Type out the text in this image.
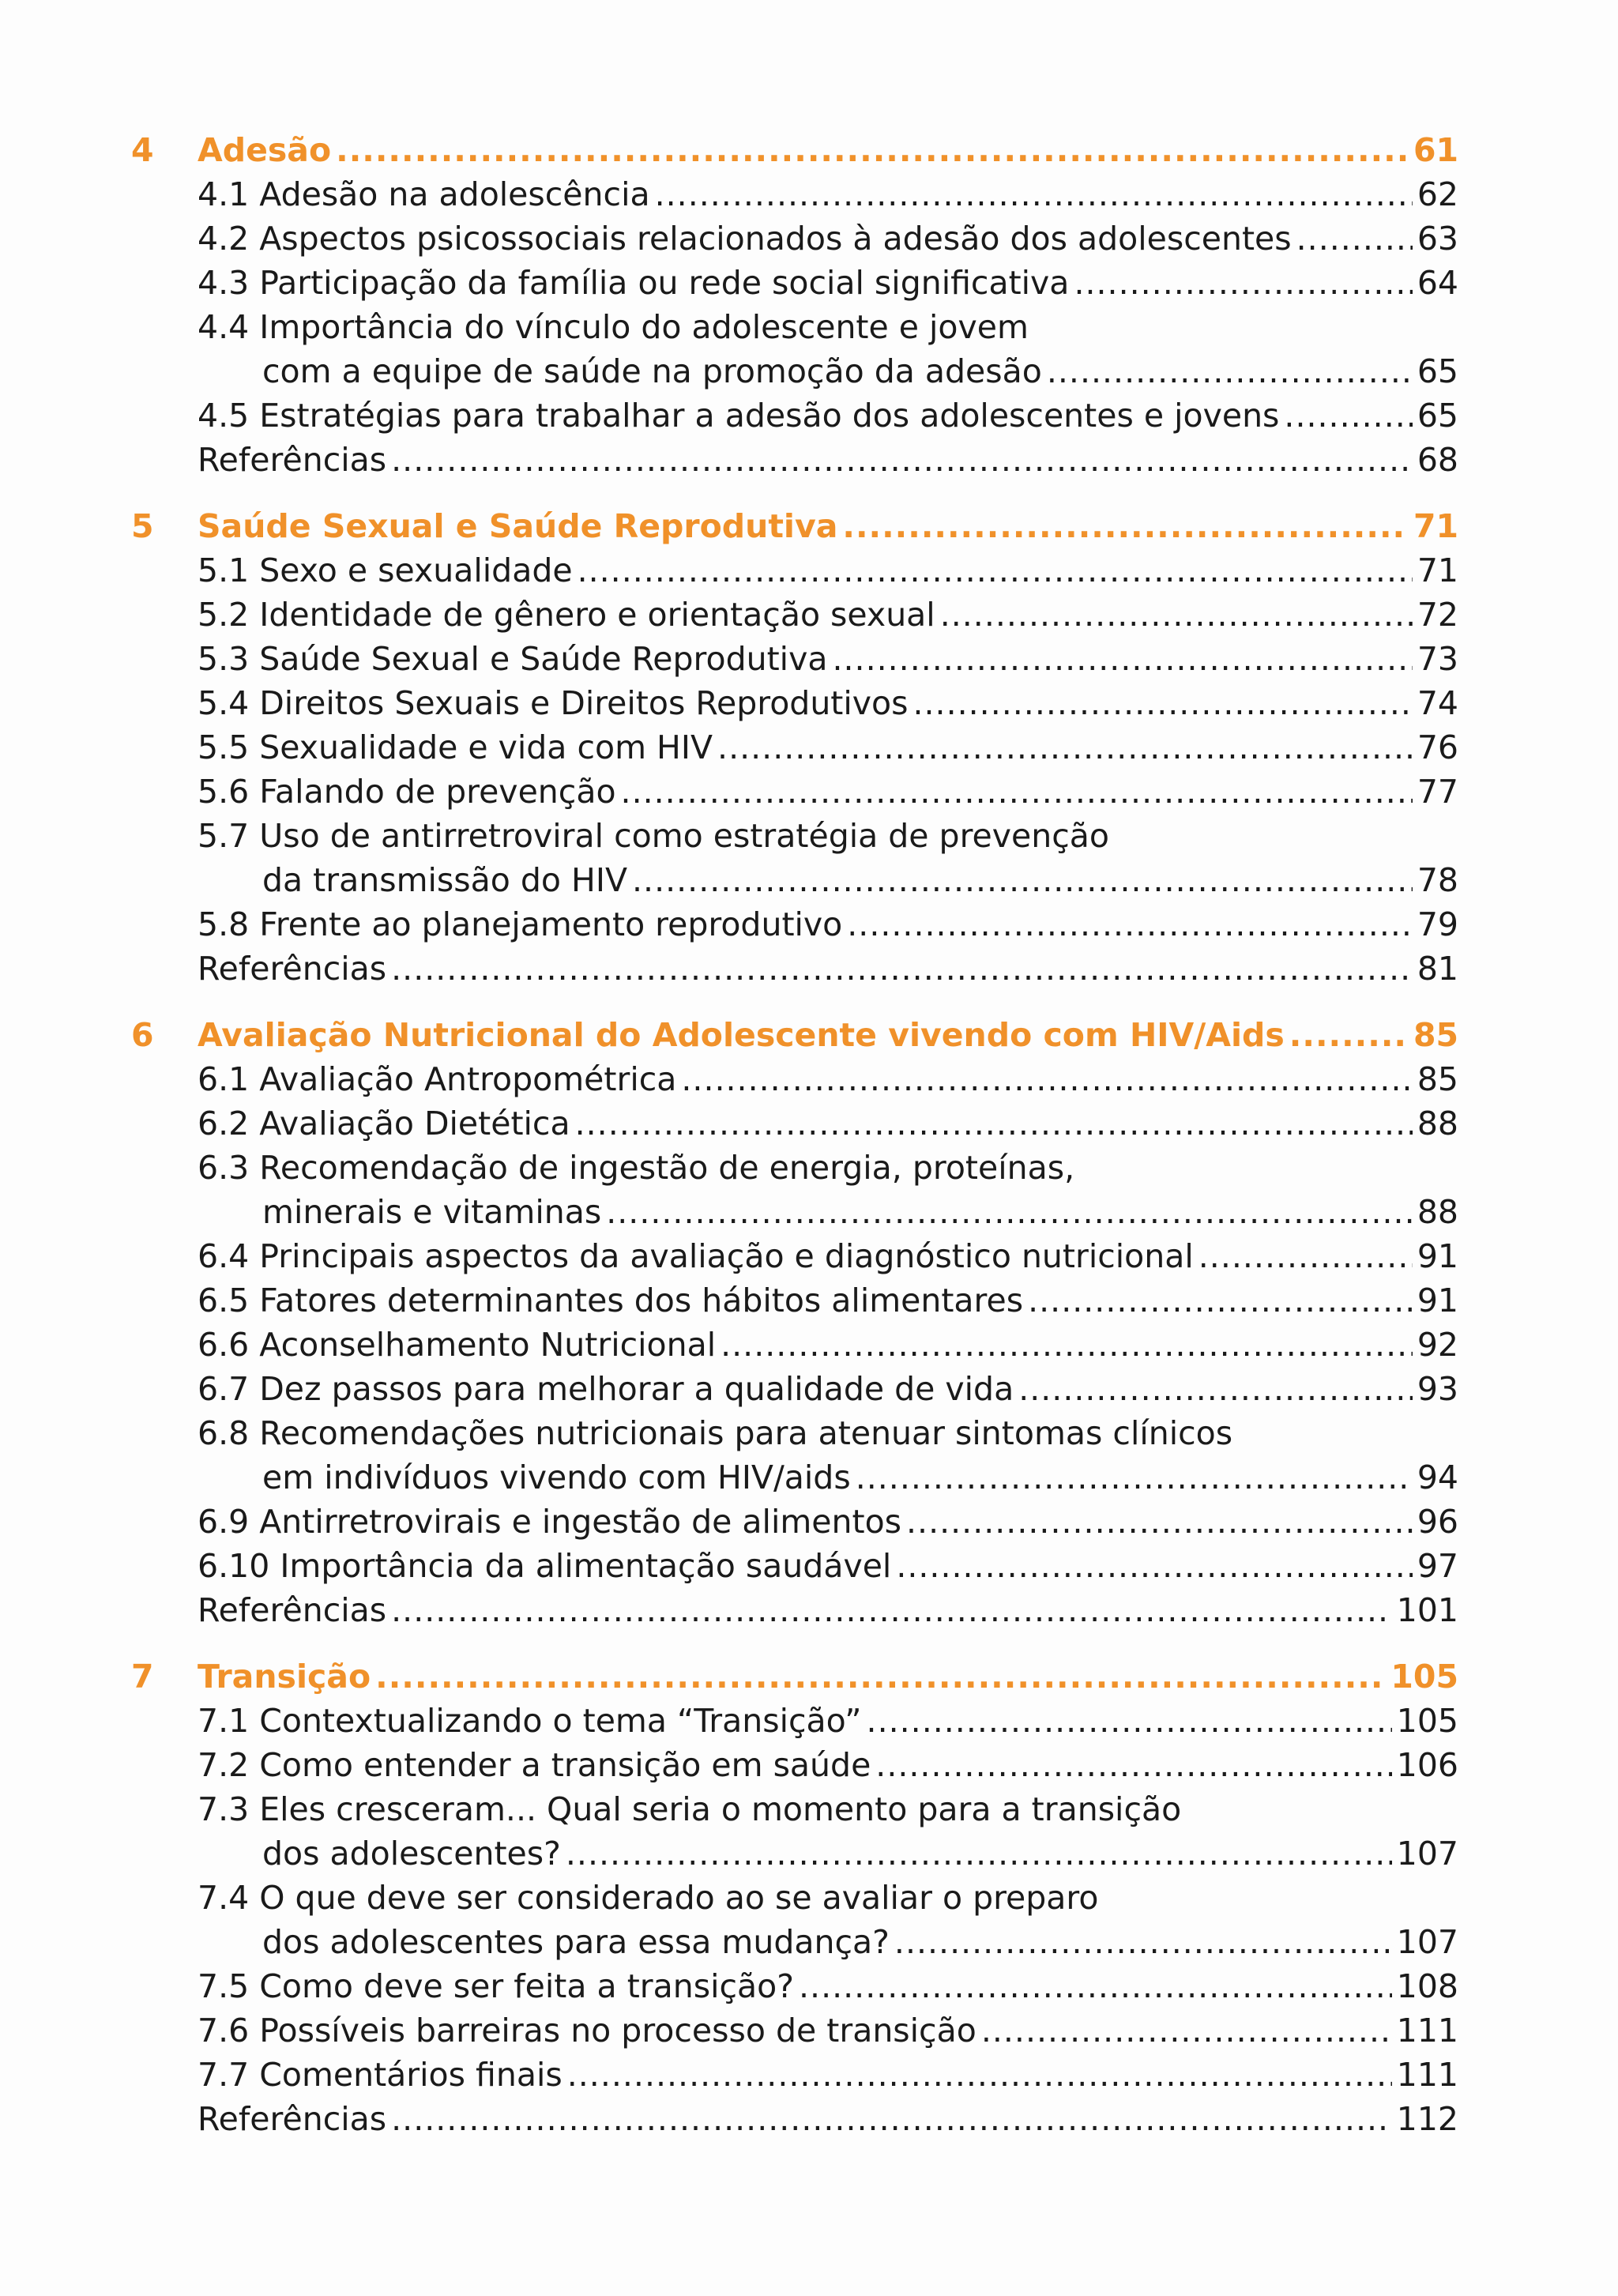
4 Adesão .....	61
4.1 Adesão na adolescência .....	62
4.2 Aspectos psicossociais relacionados à adesão dos adolescentes .....	63
4.3 Participação da família ou rede social significativa .....	64
4.4 Importância do vínculo do adolescente e jovem
com a equipe de saúde na promoção da adesão .....	65
4.5 Estratégias para trabalhar a adesão dos adolescentes e jovens .....	65
Referências .....	68
5 Saúde Sexual e Saúde Reprodutiva .....	71
5.1 Sexo e sexualidade .....	71
5.2 Identidade de gênero e orientação sexual .....	72
5.3 Saúde Sexual e Saúde Reprodutiva .....	73
5.4 Direitos Sexuais e Direitos Reprodutivos .....	74
5.5 Sexualidade e vida com HIV .....	76
5.6 Falando de prevenção .....	77
5.7 Uso de antirretroviral como estratégia de prevenção
da transmissão do HIV .....	78
5.8 Frente ao planejamento reprodutivo .....	79
Referências .....	81
6 Avaliação Nutricional do Adolescente vivendo com HIV/Aids .....	85
6.1 Avaliação Antropométrica .....	85
6.2 Avaliação Dietética .....	88
6.3 Recomendação de ingestão de energia, proteínas,
minerais e vitaminas .....	88
6.4 Principais aspectos da avaliação e diagnóstico nutricional .....	91
6.5 Fatores determinantes dos hábitos alimentares .....	91
6.6 Aconselhamento Nutricional .....	92
6.7 Dez passos para melhorar a qualidade de vida .....	93
6.8 Recomendações nutricionais para atenuar sintomas clínicos
em indivíduos vivendo com HIV/aids .....	94
6.9 Antirretrovirais e ingestão de alimentos .....	96
6.10 Importância da alimentação saudável .....	97
Referências .....	101
7 Transição .....	105
7.1 Contextualizando o tema “Transição” .....	105
7.2 Como entender a transição em saúde .....	106
7.3 Eles cresceram... Qual seria o momento para a transição
dos adolescentes? .....	107
7.4 O que deve ser considerado ao se avaliar o preparo
dos adolescentes para essa mudança? .....	107
7.5 Como deve ser feita a transição? .....	108
7.6 Possíveis barreiras no processo de transição .....	111
7.7 Comentários finais .....	111
Referências .....	112
